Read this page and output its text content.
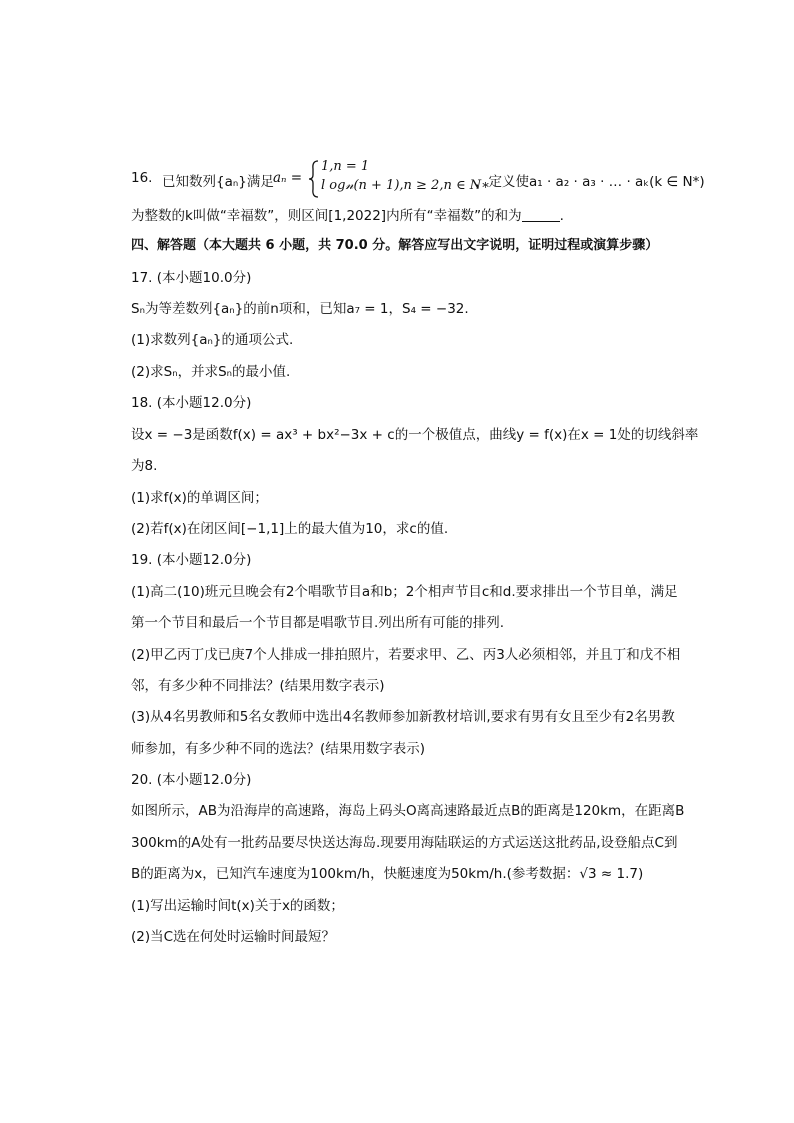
16. 已知数列{aₙ}满足 aₙ =
1,n = 1
l og𝓃(n + 1),n ≥ 2,n ∈ N∗
，定义使a₁ · a₂ · a₃ · … · aₖ(k ∈ N*)
为整数的k叫做“幸福数”，则区间[1,2022]内所有“幸福数”的和为	.
四、解答题（本大题共 6 小题，共 70.0 分。解答应写出文字说明，证明过程或演算步骤）
17. (本小题10.0分)
Sₙ为等差数列{aₙ}的前n项和，已知a₇ = 1，S₄ = −32.
(1)求数列{aₙ}的通项公式.
(2)求Sₙ，并求Sₙ的最小值.
18. (本小题12.0分)
设x = −3是函数f(x) = ax³ + bx²−3x + c的一个极值点，曲线y = f(x)在x = 1处的切线斜率
为8.
(1)求f(x)的单调区间；
(2)若f(x)在闭区间[−1,1]上的最大值为10，求c的值.
19. (本小题12.0分)
(1)高二(10)班元旦晚会有2个唱歌节目a和b；2个相声节目c和d.要求排出一个节目单，满足
第一个节目和最后一个节目都是唱歌节目.列出所有可能的排列.
(2)甲乙丙丁戊已庚7个人排成一排拍照片，若要求甲、乙、丙3人必须相邻，并且丁和戊不相
邻，有多少种不同排法？(结果用数字表示)
(3)从4名男教师和5名女教师中选出4名教师参加新教材培训,要求有男有女且至少有2名男教
师参加，有多少种不同的选法？(结果用数字表示)
20. (本小题12.0分)
如图所示，AB为沿海岸的高速路，海岛上码头O离高速路最近点B的距离是120km，在距离B
300km的A处有一批药品要尽快送达海岛.现要用海陆联运的方式运送这批药品,设登船点C到
B的距离为x，已知汽车速度为100km/h，快艇速度为50km/h.(参考数据：√3 ≈ 1.7)
(1)写出运输时间t(x)关于x的函数；
(2)当C选在何处时运输时间最短？
